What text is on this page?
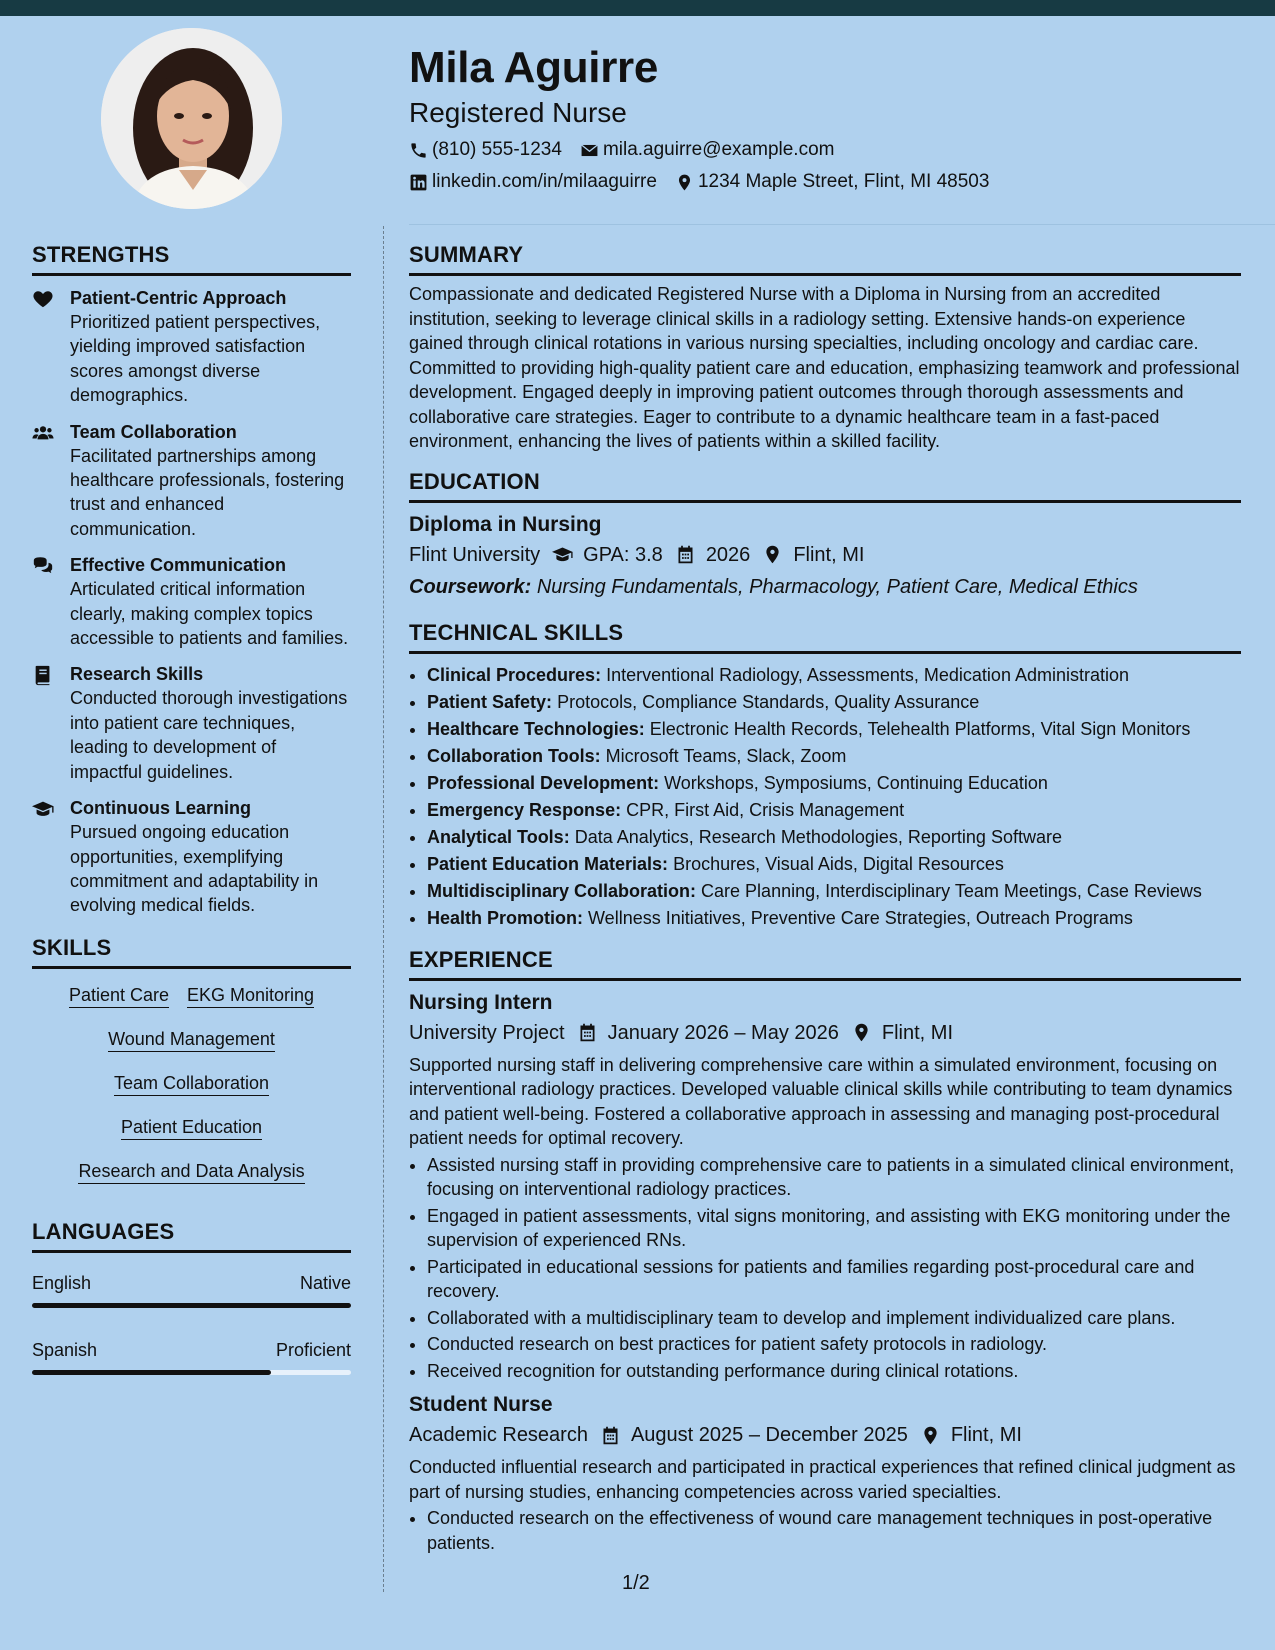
Mila Aguirre
Registered Nurse
(810) 555-1234 mila.aguirre@example.com
linkedin.com/in/milaaguirre 1234 Maple Street, Flint, MI 48503
STRENGTHS
Patient-Centric Approach
Prioritized patient perspectives, yielding improved satisfaction scores amongst diverse demographics.
Team Collaboration
Facilitated partnerships among healthcare professionals, fostering trust and enhanced communication.
Effective Communication
Articulated critical information clearly, making complex topics accessible to patients and families.
Research Skills
Conducted thorough investigations into patient care techniques, leading to development of impactful guidelines.
Continuous Learning
Pursued ongoing education opportunities, exemplifying commitment and adaptability in evolving medical fields.
SKILLS
Patient Care EKG Monitoring
Wound Management
Team Collaboration
Patient Education
Research and Data Analysis
LANGUAGES
English	Native
Spanish	Proficient
SUMMARY
Compassionate and dedicated Registered Nurse with a Diploma in Nursing from an accredited institution, seeking to leverage clinical skills in a radiology setting. Extensive hands-on experience gained through clinical rotations in various nursing specialties, including oncology and cardiac care. Committed to providing high-quality patient care and education, emphasizing teamwork and professional development. Engaged deeply in improving patient outcomes through thorough assessments and collaborative care strategies. Eager to contribute to a dynamic healthcare team in a fast-paced environment, enhancing the lives of patients within a skilled facility.
EDUCATION
Diploma in Nursing
Flint University GPA: 3.8 2026 Flint, MI
Coursework: Nursing Fundamentals, Pharmacology, Patient Care, Medical Ethics
TECHNICAL SKILLS
• Clinical Procedures: Interventional Radiology, Assessments, Medication Administration
• Patient Safety: Protocols, Compliance Standards, Quality Assurance
• Healthcare Technologies: Electronic Health Records, Telehealth Platforms, Vital Sign Monitors
• Collaboration Tools: Microsoft Teams, Slack, Zoom
• Professional Development: Workshops, Symposiums, Continuing Education
• Emergency Response: CPR, First Aid, Crisis Management
• Analytical Tools: Data Analytics, Research Methodologies, Reporting Software
• Patient Education Materials: Brochures, Visual Aids, Digital Resources
• Multidisciplinary Collaboration: Care Planning, Interdisciplinary Team Meetings, Case Reviews
• Health Promotion: Wellness Initiatives, Preventive Care Strategies, Outreach Programs
EXPERIENCE
Nursing Intern
University Project January 2026 – May 2026 Flint, MI
Supported nursing staff in delivering comprehensive care within a simulated environment, focusing on interventional radiology practices. Developed valuable clinical skills while contributing to team dynamics and patient well-being. Fostered a collaborative approach in assessing and managing post-procedural patient needs for optimal recovery.
• Assisted nursing staff in providing comprehensive care to patients in a simulated clinical environment, focusing on interventional radiology practices.
• Engaged in patient assessments, vital signs monitoring, and assisting with EKG monitoring under the supervision of experienced RNs.
• Participated in educational sessions for patients and families regarding post-procedural care and recovery.
• Collaborated with a multidisciplinary team to develop and implement individualized care plans.
• Conducted research on best practices for patient safety protocols in radiology.
• Received recognition for outstanding performance during clinical rotations.
Student Nurse
Academic Research August 2025 – December 2025 Flint, MI
Conducted influential research and participated in practical experiences that refined clinical judgment as part of nursing studies, enhancing competencies across varied specialties.
• Conducted research on the effectiveness of wound care management techniques in post-operative patients.
1/2
